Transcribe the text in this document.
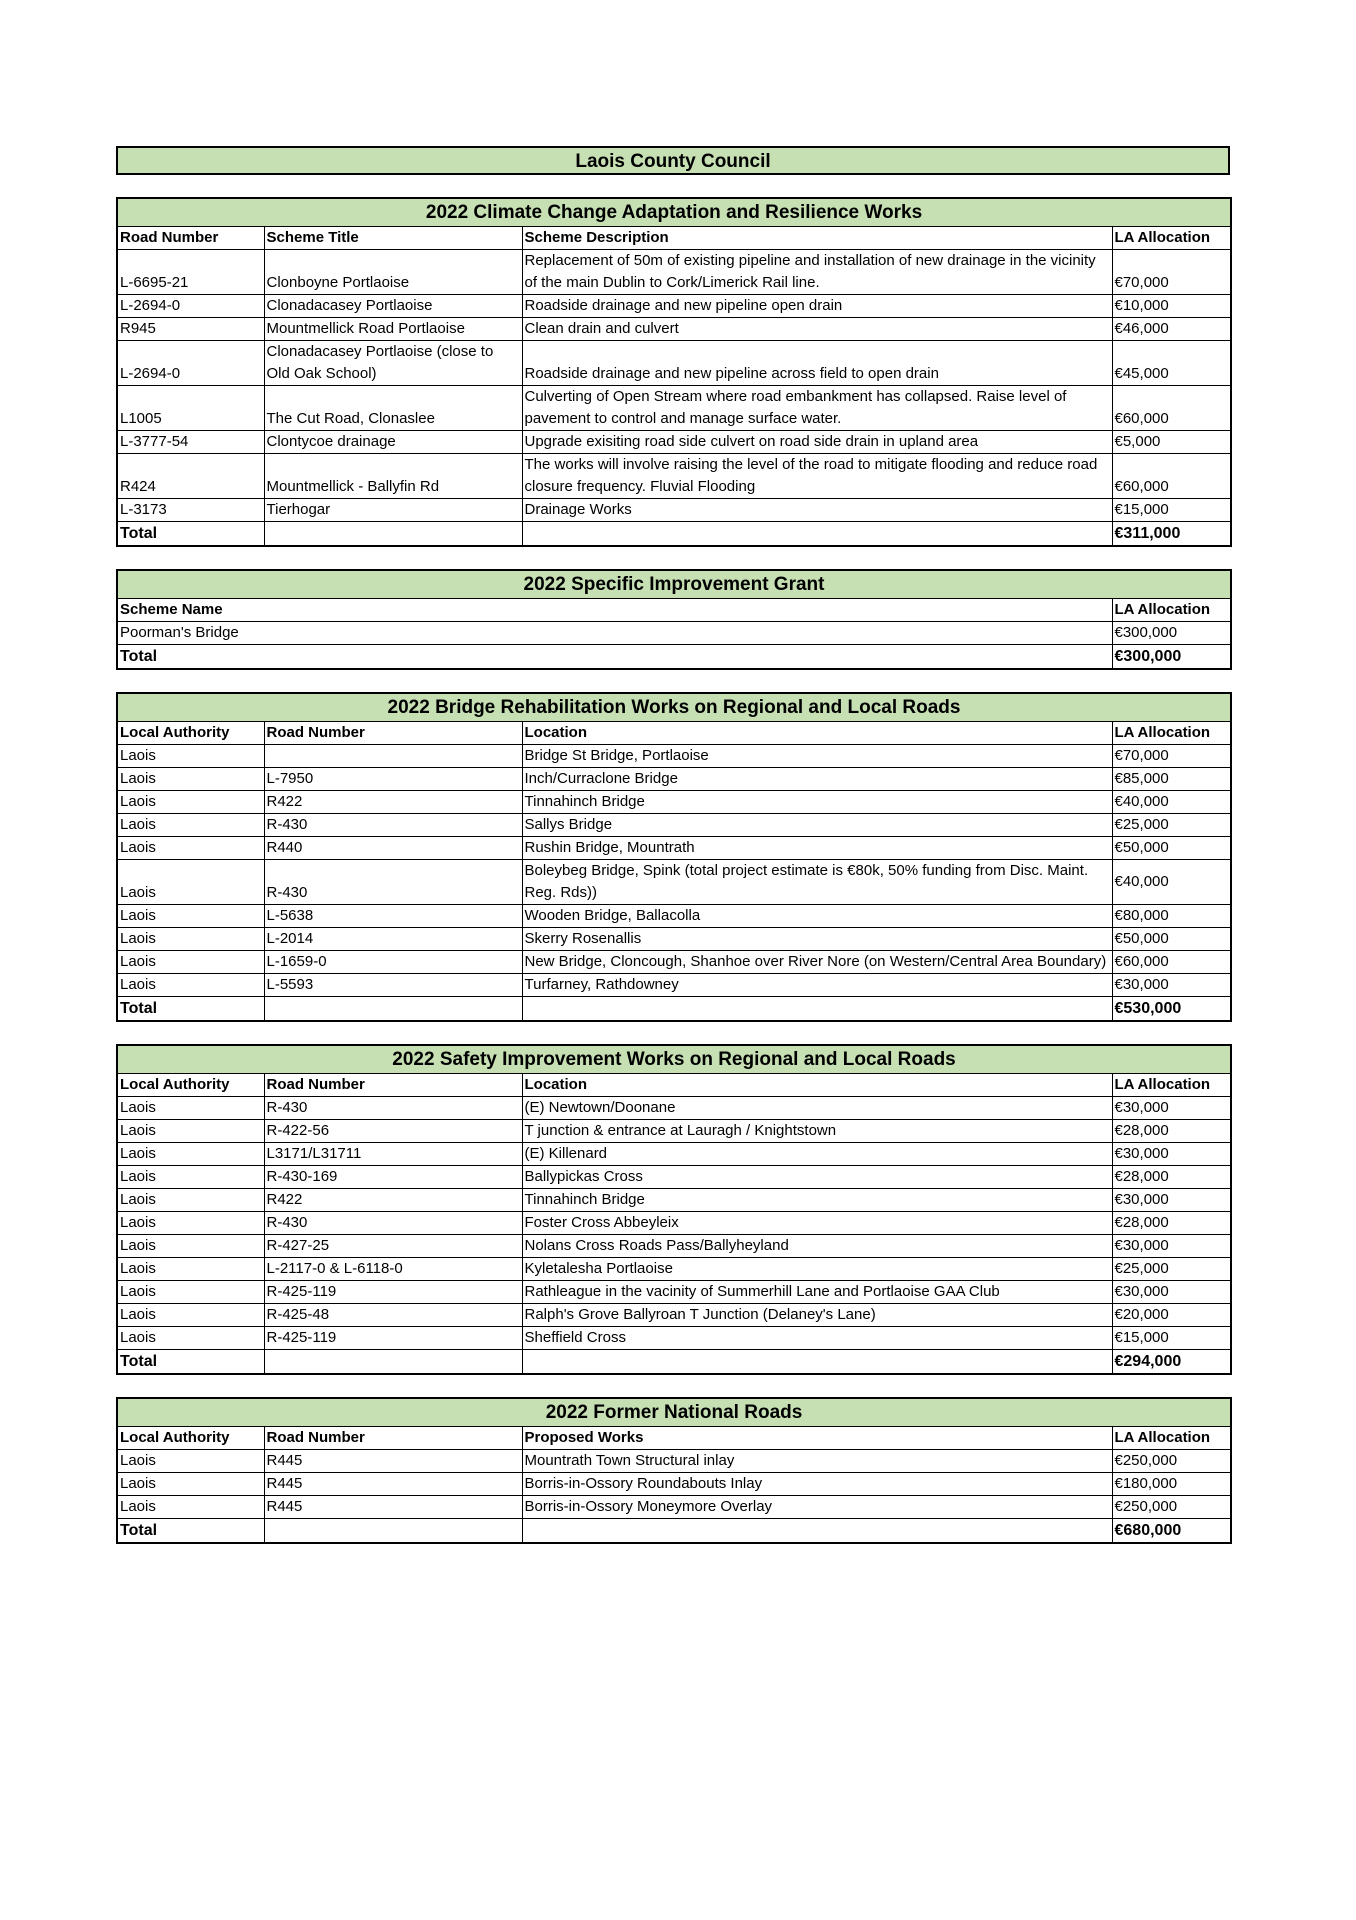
Laois County Council
2022 Climate Change Adaptation and Resilience Works			
Road Number	Scheme Title	Scheme Description	LA Allocation
L-6695-21	Clonboyne Portlaoise	Replacement of 50m of existing pipeline and installation of new drainage in the vicinity of the main Dublin to Cork/Limerick Rail line.	€70,000
L-2694-0	Clonadacasey Portlaoise	Roadside drainage and new pipeline open drain	€10,000
R945	Mountmellick Road Portlaoise	Clean drain and culvert	€46,000
L-2694-0	Clonadacasey Portlaoise (close to Old Oak School)	Roadside drainage and new pipeline across field to open drain	€45,000
L1005	The Cut Road, Clonaslee	Culverting of Open Stream where road embankment has collapsed. Raise level of pavement to control and manage surface water.	€60,000
L-3777-54	Clontycoe drainage	Upgrade exisiting road side culvert on road side drain in upland area	€5,000
R424	Mountmellick - Ballyfin Rd	The works will involve raising the level of the road to mitigate flooding and reduce road closure frequency. Fluvial Flooding	€60,000
L-3173	Tierhogar	Drainage Works	€15,000
Total			€311,000
2022 Specific Improvement Grant	
Scheme Name	LA Allocation
Poorman's Bridge	€300,000
Total	€300,000
2022 Bridge Rehabilitation Works on Regional and Local Roads			
Local Authority	Road Number	Location	LA Allocation
Laois		Bridge St Bridge, Portlaoise	€70,000
Laois	L-7950	Inch/Curraclone Bridge	€85,000
Laois	R422	Tinnahinch Bridge	€40,000
Laois	R-430	Sallys Bridge	€25,000
Laois	R440	Rushin Bridge, Mountrath	€50,000
Laois	R-430	Boleybeg Bridge, Spink (total project estimate is €80k, 50% funding from Disc. Maint. Reg. Rds))	€40,000
Laois	L-5638	Wooden Bridge, Ballacolla	€80,000
Laois	L-2014	Skerry Rosenallis	€50,000
Laois	L-1659-0	New Bridge, Cloncough, Shanhoe over River Nore (on Western/Central Area Boundary)	€60,000
Laois	L-5593	Turfarney, Rathdowney	€30,000
Total			€530,000
2022 Safety Improvement Works on Regional and Local Roads			
Local Authority	Road Number	Location	LA Allocation
Laois	R-430	(E) Newtown/Doonane	€30,000
Laois	R-422-56	T junction & entrance at Lauragh / Knightstown	€28,000
Laois	L3171/L31711	(E) Killenard	€30,000
Laois	R-430-169	Ballypickas Cross	€28,000
Laois	R422	Tinnahinch Bridge	€30,000
Laois	R-430	Foster Cross Abbeyleix	€28,000
Laois	R-427-25	Nolans Cross Roads Pass/Ballyheyland	€30,000
Laois	L-2117-0 & L-6118-0	Kyletalesha Portlaoise	€25,000
Laois	R-425-119	Rathleague in the vacinity of Summerhill Lane and Portlaoise GAA Club	€30,000
Laois	R-425-48	Ralph's Grove Ballyroan T Junction (Delaney's Lane)	€20,000
Laois	R-425-119	Sheffield Cross	€15,000
Total			€294,000
2022 Former National Roads			
Local Authority	Road Number	Proposed Works	LA Allocation
Laois	R445	Mountrath Town Structural inlay	€250,000
Laois	R445	Borris-in-Ossory Roundabouts Inlay	€180,000
Laois	R445	Borris-in-Ossory Moneymore Overlay	€250,000
Total			€680,000
